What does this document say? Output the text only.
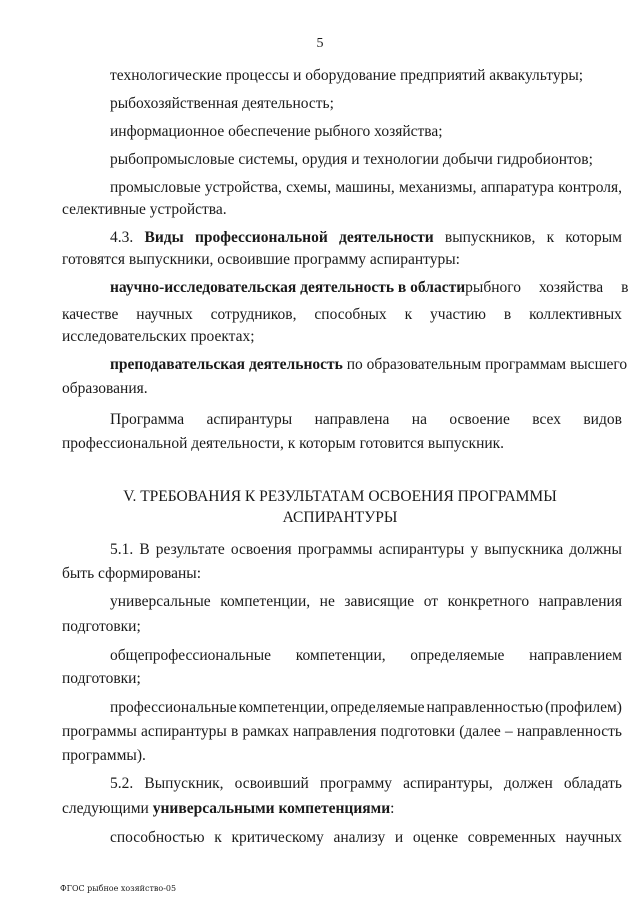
5
технологические процессы и оборудование предприятий аквакультуры;
рыбохозяйственная деятельность;
информационное обеспечение рыбного хозяйства;
рыбопромысловые системы, орудия и технологии добычи гидробионтов;
промысловые устройства, схемы, машины, механизмы, аппаратура контроля,
селективные устройства.
4.3. Виды профессиональной деятельности выпускников, к которым
готовятся выпускники, освоившие программу аспирантуры:
научно-исследовательская деятельность в области рыбного хозяйства в
качестве научных сотрудников, способных к участию в коллективных
исследовательских проектах;
преподавательская деятельность по образовательным программам высшего
образования.
Программа аспирантуры направлена на освоение всех видов
профессиональной деятельности, к которым готовится выпускник.
V. ТРЕБОВАНИЯ К РЕЗУЛЬТАТАМ ОСВОЕНИЯ ПРОГРАММЫ
АСПИРАНТУРЫ
5.1. В результате освоения программы аспирантуры у выпускника должны
быть сформированы:
универсальные компетенции, не зависящие от конкретного направления
подготовки;
общепрофессиональные компетенции, определяемые направлением
подготовки;
профессиональные компетенции, определяемые направленностью (профилем)
программы аспирантуры в рамках направления подготовки (далее – направленность
программы).
5.2. Выпускник, освоивший программу аспирантуры, должен обладать
следующими универсальными компетенциями:
способностью к критическому анализу и оценке современных научных
ФГОС рыбное хозяйство-05
